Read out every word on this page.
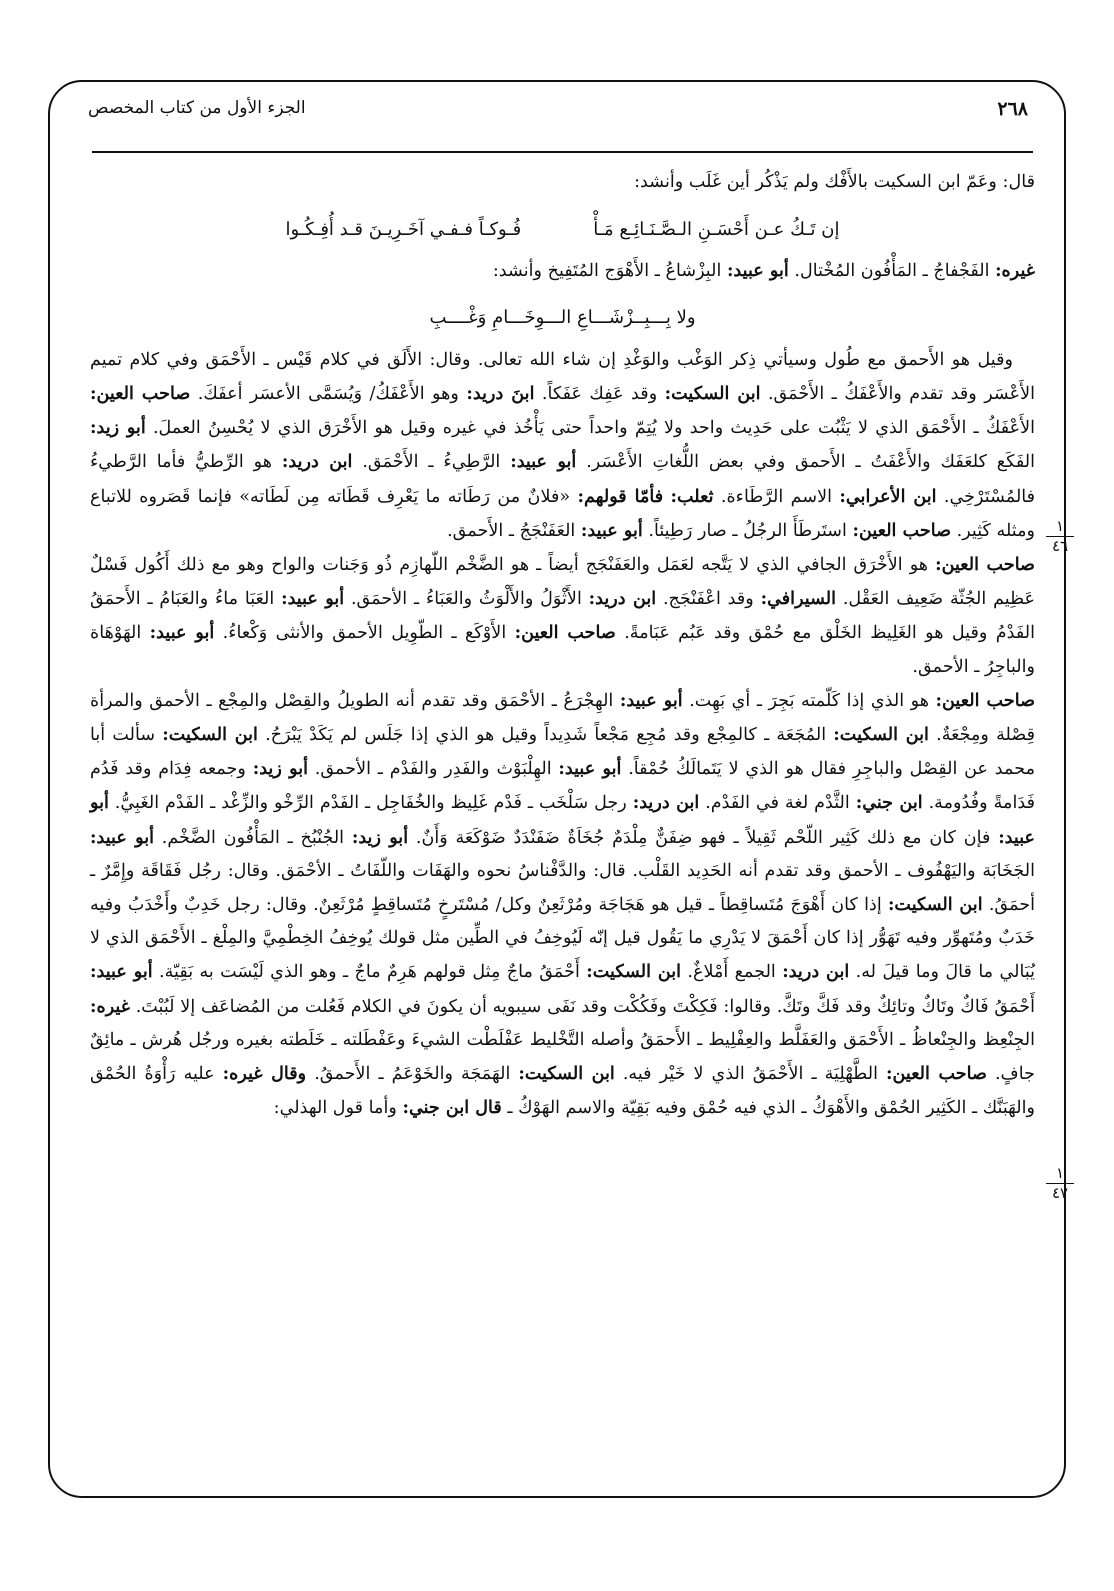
٢٦٨
الجزء الأول من كتاب المخصص
١
٤٦
١
٤٧

قال: وعَمّ ابن السكيت بالأَفْك ولم يَذْكُر أين غَلَب وأنشد:

إن تَـكُ عـن أَحْسَـنِ الـصَّـنَـائِـع مَـأْ
فُـوكـاً فـفـي آخَـرِيـنَ قـد أُفِـكُـوا

غيره: الفَجْفاجُ ـ المَأْفُون المُخْتال. أبو عبيد: البِزْشاعُ ـ الأَهْوَج المُتَفِيخ وأنشد:

ولا بِـــبِــزْشَـــاعِ الـــوِخَـــامِ وَغْــــبِ

وقيل هو الأَحمق مع طُول وسيأتي ذِكر الوَغْب والوَغْدِ إن شاء الله تعالى. وقال: الأَلَق في كلام قَيْس ـ الأَحْمَق وفي كلام تميم الأَعْسَر وقد تقدم والأَعْفَكُ ـ الأَحْمَق. ابن السكيت: وقد عَفِك عَفَكاً. ابنَ دريد: وهو الأَعْفَكُ/ وَيُسَمَّى الأعسَر أعفَكَ. صاحب العين: الأَعْفَكُ ـ الأَحْمَق الذي لا يَثْبُت على حَدِيث واحد ولا يُتِمّ واحداً حتى يَأْخُذ في غيره وقيل هو الأَخْرَق الذي لا يُحْسِنُ العملَ. أبو زيد: الفَكَع كلعَفَك والأَعْفَتُ ـ الأَحمق وفي بعض اللُّغاتِ الأَعْسَر. أبو عبيد: الرَّطِيءُ ـ الأَحْمَق. ابن دريد: هو الرِّطيُّ فأما الرَّطيءُ فالمُسْتَرْخِي. ابن الأعرابي: الاسم الرَّطَاءة. ثعلب: فأمّا قولهم: «فلانٌ من رَطَاته ما يَعْرِف قَطَاته مِن لَطَاته» فإنما قَصَروه للاتباع ومثله كَثِير. صاحب العين: استَرطَأَ الرجُلُ ـ صار رَطِيئاً. أبو عبيد: العَفَنْجَجُ ـ الأَحمق.

صاحب العين: هو الأَخْرَق الجافي الذي لا يَتَّجه لعَمَل والعَفَنْجَج أيضاً ـ هو الضَّخْم اللّهازِم ذُو وَجَنات والواح وهو مع ذلك أَكُول فَسْلٌ عَظِيم الجُثّة ضَعِيف العَقْل. السيرافي: وقد اعْفَنْجَج. ابن دريد: الأَثْوَلُ والأَلْوَثُ والعَبَاءُ ـ الأحمَق. أبو عبيد: العَبَا ماءُ والعَبَامُ ـ الأَحمَقُ الفَدْمُ وقيل هو الغَلِيظ الخَلْق مع حُمْق وقد عَبُم عَبَامةً. صاحب العين: الأَوْكَع ـ الطّوِيل الأحمق والأنثى وَكْعاءُ. أبو عبيد: الهَوْهَاة والباجِرُ ـ الأحمق.

صاحب العين: هو الذي إذا كَلّمته بَجِرَ ـ أي بَهِت. أبو عبيد: الهِجْرَعُ ـ الأحْمَق وقد تقدم أنه الطويلُ والقِصْل والمِجْع ـ الأحمق والمرأة قِصْلة ومِجْعَةٌ. ابن السكيت: المُجَعَة ـ كالمِجْع وقد مُجِع مَجْعاً شَدِيداً وقيل هو الذي إذا جَلَس لم يَكَدْ يَبْرَحُ. ابن السكيت: سألت أبا محمد عن القِصْل والباجِرِ فقال هو الذي لا يَتَمالَكُ حُمْقاً. أبو عبيد: الهِلْبَوْث والفَدِر والفَدْم ـ الأحمق. أبو زيد: وجمعه فِدَام وقد فَدُم فَدَامةً وفُدُومة. ابن جني: الثَّدْم لغة في الفَدْم. ابن دريد: رجل سَلْخَب ـ فَدْم غَلِيظ والخُفَاجِل ـ الفَدْم الرِّخْو والزِّغْد ـ الفَدْم الغَبِيُّ. أبو عبيد: فإن كان مع ذلك كَثِير اللّحْم ثَقِيلاً ـ فهو ضِفَنٌّ مِلْدَمٌ جُخَاَةٌ ضَفَنْدَدٌ ضَوْكَعَة وَأَنٌ. أبو زيد: الجُنْبُخ ـ المَأْفُون الضَّخْم. أبو عبيد: الجَخَابَة واليَهْفُوف ـ الأحمق وقد تقدم أنه الحَدِيد القَلْب. قال: والدَّفْناسُ نحوه والهَفَات واللّفَاتُ ـ الأحْمَق. وقال: رجُل فَقَاقَة وإِمَّرٌ ـ أحمَقُ. ابن السكيت: إذا كان أَهْوَجَ مُتَساقِطاً ـ قيل هو هَجَاجَة ومُرْثَعِنٌ وكل/ مُسْتَرخٍ مُتَساقِطٍ مُرْثَعِنٌ. وقال: رجل خَدِبٌ وأَخْدَبُ وفيه خَدَبٌ ومُتَهوِّر وفيه تَهَوُّر إذا كان أَحْمَقَ لا يَدْرِي ما يَقُول قيل إنّه لَيُوخِفُ في الطِّين مثل قولك يُوخِفُ الخِطْمِيَّ والمِلْغ ـ الأَحْمَق الذي لا يُبَالي ما قالَ وما قيلَ له. ابن دريد: الجمع أَمْلاغٌ. ابن السكيت: أَحْمَقُ ماجٌ مِثل قولهم هَرِمٌ ماجٌ ـ وهو الذي لَيْسَت به بَقِيّة. أبو عبيد: أَحْمَقُ فَاكٌ وتَاكٌ وتائِكٌ وقد فَكَّ وتَكَّ. وقالوا: فَكِكْتَ وفَكُكْت وقد نَفَى سيبويه أن يكونَ في الكلام فَعُلت من المُضاعَف إلا لَبُبْتَ. غيره: الجِنْعِظ والجِنْعاظُ ـ الأَحْمَق والعَفَلَّط والعِفْلِيط ـ الأَحمَقُ وأصله التَّخْليط عَفْلَطْت الشيءَ وعَفْطَلته ـ خَلَطته بغيره ورجُل هُرش ـ مائِقٌ جافٍ. صاحب العين: الطَّهْلِيَة ـ الأَحْمَقُ الذي لا خَيْر فيه. ابن السكيت: الهَمَجَة والخَوْعَمُ ـ الأَحمقُ. وقال غيره: عليه رَأْوَةُ الحُمْق والهَبَنَّك ـ الكَثِير الحُمْق والأَهْوَكُ ـ الذي فيه حُمْق وفيه بَقِيّة والاسم الهَوْكُ ـ قال ابن جني: وأما قول الهذلي:
